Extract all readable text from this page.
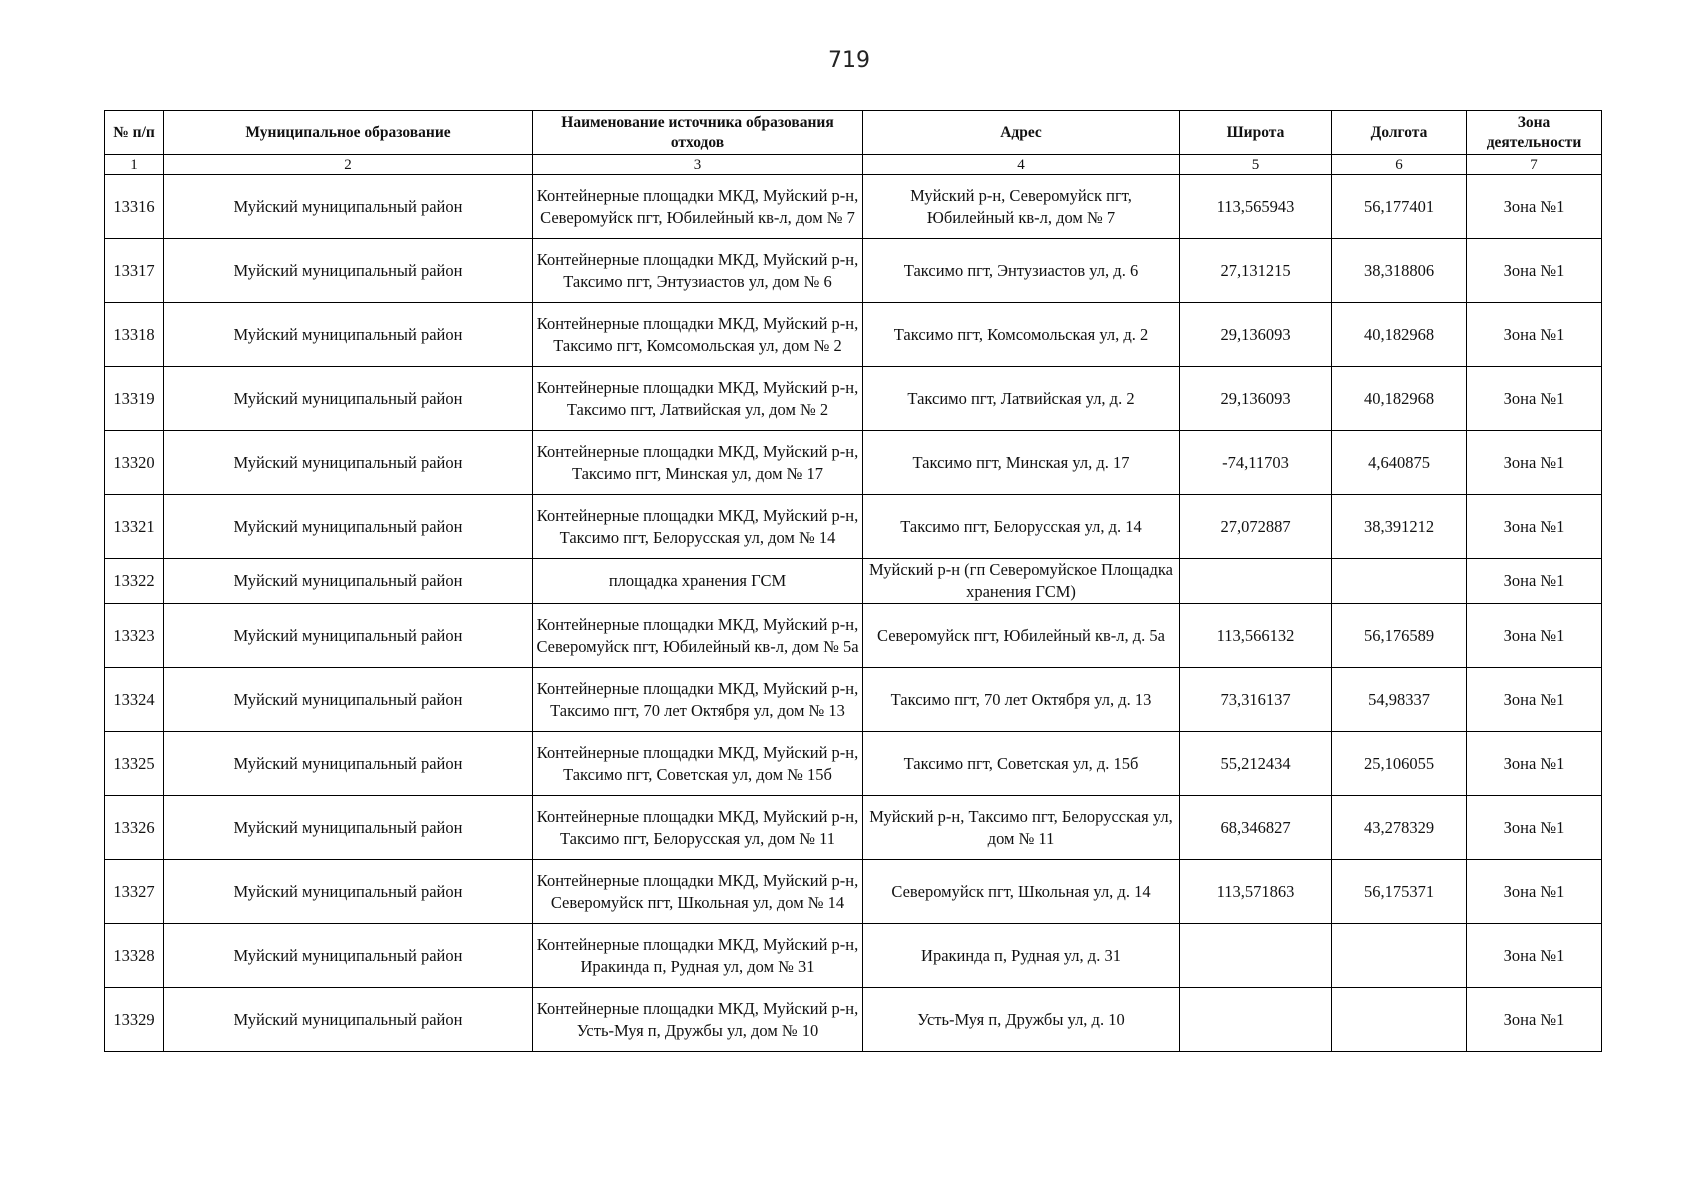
719
№ п/п	Муниципальное образование	Наименование источника образования отходов	Адрес	Широта	Долгота	Зона деятельности
1	2	3	4	5	6	7
13316	Муйский муниципальный район	Контейнерные площадки МКД, Муйский р-н, Северомуйск пгт, Юбилейный кв-л, дом № 7	Муйский р-н, Северомуйск пгт, Юбилейный кв-л, дом № 7	113,565943	56,177401	Зона №1
13317	Муйский муниципальный район	Контейнерные площадки МКД, Муйский р-н, Таксимо пгт, Энтузиастов ул, дом № 6	Таксимо пгт, Энтузиастов ул, д. 6	27,131215	38,318806	Зона №1
13318	Муйский муниципальный район	Контейнерные площадки МКД, Муйский р-н, Таксимо пгт, Комсомольская ул, дом № 2	Таксимо пгт, Комсомольская ул, д. 2	29,136093	40,182968	Зона №1
13319	Муйский муниципальный район	Контейнерные площадки МКД, Муйский р-н, Таксимо пгт, Латвийская ул, дом № 2	Таксимо пгт, Латвийская ул, д. 2	29,136093	40,182968	Зона №1
13320	Муйский муниципальный район	Контейнерные площадки МКД, Муйский р-н, Таксимо пгт, Минская ул, дом № 17	Таксимо пгт, Минская ул, д. 17	-74,11703	4,640875	Зона №1
13321	Муйский муниципальный район	Контейнерные площадки МКД, Муйский р-н, Таксимо пгт, Белорусская ул, дом № 14	Таксимо пгт, Белорусская ул, д. 14	27,072887	38,391212	Зона №1
13322	Муйский муниципальный район	площадка хранения ГСМ	Муйский р-н (гп Северомуйское Площадка хранения ГСМ)			Зона №1
13323	Муйский муниципальный район	Контейнерные площадки МКД, Муйский р-н, Северомуйск пгт, Юбилейный кв-л, дом № 5а	Северомуйск пгт, Юбилейный кв-л, д. 5а	113,566132	56,176589	Зона №1
13324	Муйский муниципальный район	Контейнерные площадки МКД, Муйский р-н, Таксимо пгт, 70 лет Октября ул, дом № 13	Таксимо пгт, 70 лет Октября ул, д. 13	73,316137	54,98337	Зона №1
13325	Муйский муниципальный район	Контейнерные площадки МКД, Муйский р-н, Таксимо пгт, Советская ул, дом № 15б	Таксимо пгт, Советская ул, д. 15б	55,212434	25,106055	Зона №1
13326	Муйский муниципальный район	Контейнерные площадки МКД, Муйский р-н, Таксимо пгт, Белорусская ул, дом № 11	Муйский р-н, Таксимо пгт, Белорусская ул, дом № 11	68,346827	43,278329	Зона №1
13327	Муйский муниципальный район	Контейнерные площадки МКД, Муйский р-н, Северомуйск пгт, Школьная ул, дом № 14	Северомуйск пгт, Школьная ул, д. 14	113,571863	56,175371	Зона №1
13328	Муйский муниципальный район	Контейнерные площадки МКД, Муйский р-н, Иракинда п, Рудная ул, дом № 31	Иракинда п, Рудная ул, д. 31			Зона №1
13329	Муйский муниципальный район	Контейнерные площадки МКД, Муйский р-н, Усть-Муя п, Дружбы ул, дом № 10	Усть-Муя п, Дружбы ул, д. 10			Зона №1
